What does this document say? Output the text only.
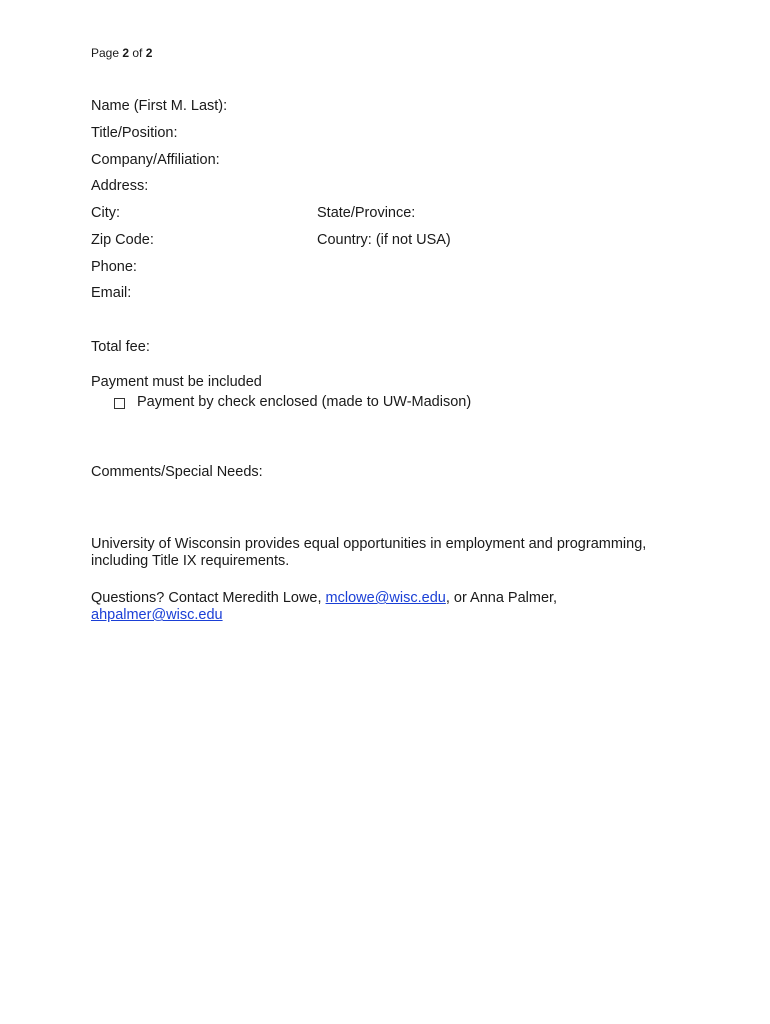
Page 2 of 2
Name (First M. Last):
Title/Position:
Company/Affiliation:
Address:
City:	State/Province:
Zip Code:	Country: (if not USA)
Phone:
Email:
Total fee:
Payment must be included
Payment by check enclosed (made to UW-Madison)
Comments/Special Needs:
University of Wisconsin provides equal opportunities in employment and programming,
including Title IX requirements.
Questions? Contact Meredith Lowe, mclowe@wisc.edu, or Anna Palmer,
ahpalmer@wisc.edu
